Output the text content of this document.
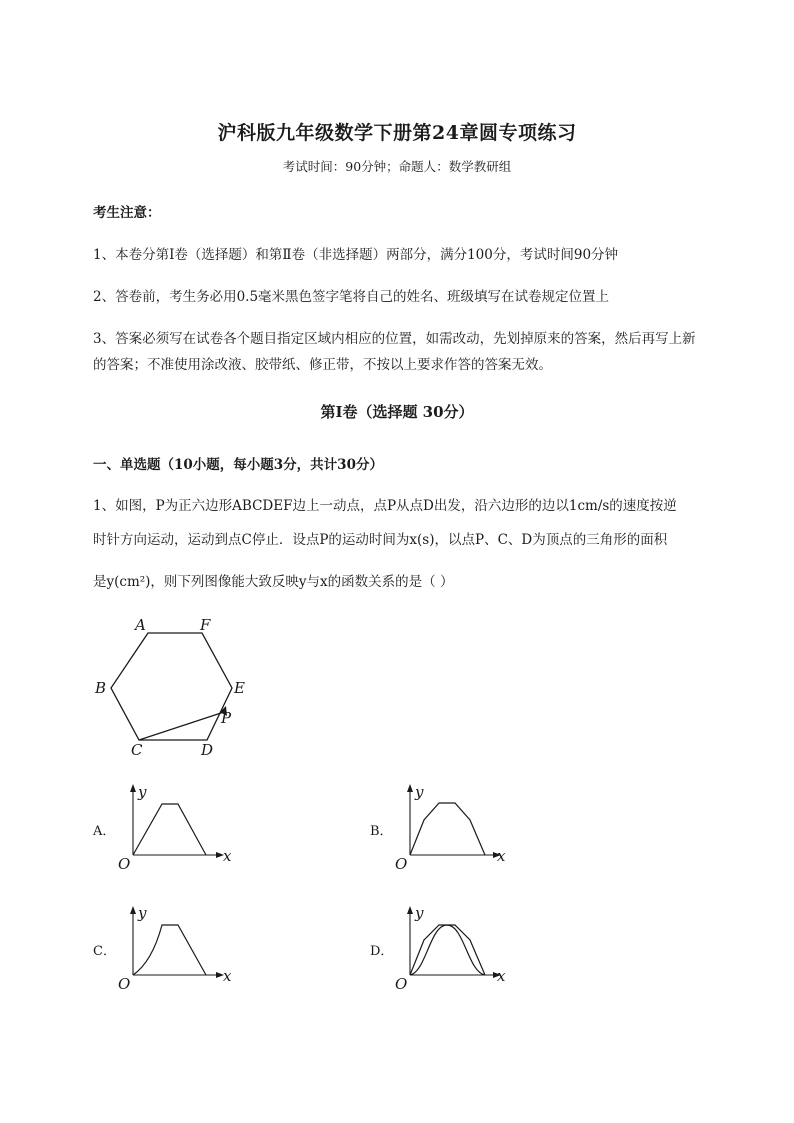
沪科版九年级数学下册第24章圆专项练习
考试时间：90分钟；命题人：数学教研组
考生注意：
1、本卷分第I卷（选择题）和第Ⅱ卷（非选择题）两部分，满分100分，考试时间90分钟
2、答卷前，考生务必用0.5毫米黑色签字笔将自己的姓名、班级填写在试卷规定位置上
3、答案必须写在试卷各个题目指定区域内相应的位置，如需改动，先划掉原来的答案，然后再写上新
的答案；不准使用涂改液、胶带纸、修正带，不按以上要求作答的答案无效。
第I卷（选择题 30分）
一、单选题（10小题，每小题3分，共计30分）
1、如图，P为正六边形ABCDEF边上一动点，点P从点D出发，沿六边形的边以1cm/s的速度按逆
时针方向运动，运动到点C停止．设点P的运动时间为x(s)，以点P、C、D为顶点的三角形的面积
是y(cm²)，则下列图像能大致反映y与x的函数关系的是（ ）
A	F
B	E
P
C	D
A．	B．
C．	D．
y
x
O
y
x
O
y
x
O
y
x
O
